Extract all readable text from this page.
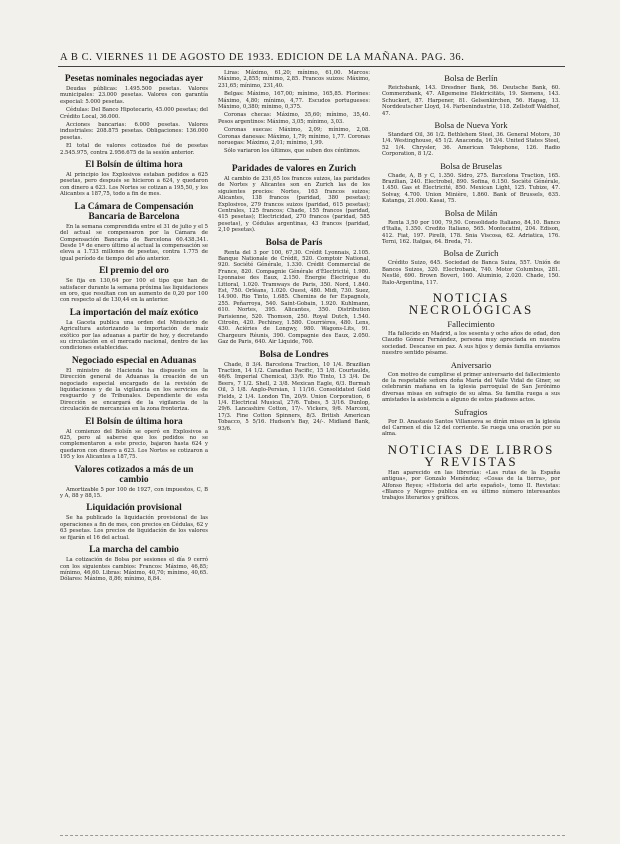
A B C. VIERNES 11 DE AGOSTO DE 1933. EDICION DE LA MAÑANA. PAG. 36.
Pesetas nominales negociadas ayer

Deudas públicas: 1.495.500 pesetas. Valores municipales: 23.000 pesetas. Valores con garantía especial: 5.000 pesetas.

Cédulas: Del Banco Hipotecario, 45.000 pesetas; del Crédito Local, 36.000.

Acciones bancarias: 6.000 pesetas. Valores industriales: 208.875 pesetas. Obligaciones: 136.000 pesetas.

El total de valores cotizados fué de pesetas 2.545.975, contra 2.956.675 de la sesión anterior.

El Bolsín de última hora

Al principio los Explosivos estaban pedidos a 625 pesetas, pero después se hicieron a 624, y quedaron con dinero a 623. Los Nortes se cotizan a 195,50, y los Alicantes a 187,75, todo a fin de mes.

La Cámara de Compensación Bancaria de Barcelona

En la semana comprendida entre el 31 de julio y el 5 del actual se compensaron por la Cámara de Compensación Bancaria de Barcelona 60.438.341. Desde 1º de enero último al actual la compensación se eleva a 1.733 millones de pesetas, contra 1.775 de igual período de tiempo del año anterior.

El premio del oro

Se fija en 130,64 por 100 el tipo que han de satisfacer durante la semana próxima las liquidaciones en oro, que resultan con un aumento de 0,20 por 100 con respecto al de 130,44 en la anterior.

La importación del maíz exótico

La Gaceta publica una orden del Ministerio de Agricultura autorizando la importación de maíz exótico por las aduanas a partir de hoy, y decretando su circulación en el mercado nacional, dentro de las condiciones establecidas.

Negociado especial en Aduanas

El ministro de Hacienda ha dispuesto en la Dirección general de Aduanas la creación de un negociado especial encargado de la revisión de liquidaciones y de la vigilancia en los servicios de resguardo y de Tribunales. Dependiente de esta Dirección se encargará de la vigilancia de la circulación de mercancías en la zona fronteriza.

El Bolsín de última hora

Al comienzo del Bolsín se operó en Explosivos a 625, pero al saberse que los pedidos no se complementaron a este precio, bajaron hasta 624 y quedaron con dinero a 623. Los Nortes se cotizaron a 195 y los Alicantes a 187,75.

Valores cotizados a más de un cambio

Amortizable 5 por 100 de 1927, con impuestos, C, B y A, 88 y 88,15.

Liquidación provisional

Se ha publicado la liquidación provisional de las operaciones a fin de mes, con precios en Cédulas, 62 y 63 pesetas. Los precios de liquidación de los valores se fijarán el 16 del actual.

La marcha del cambio

La cotización de Bolsa por sesiones el día 9 cerró con los siguientes cambios: Francos: Máximo, 46,85; mínimo, 46,60. Libras: Máximo, 40,70; mínimo, 40,65. Dólares: Máximo, 8,86; mínimo, 8,84.

Liras: Máximo, 61,20; mínimo, 61,00. Marcos: Máximo, 2,855; mínimo, 2,85. Francos suizos: Máximo, 231,65; mínimo, 231,40.

Belgas: Máximo, 167,00; mínimo, 165,85. Florines: Máximo, 4,80; mínimo, 4,77. Escudos portugueses: Máximo, 0,380; mínimo, 0,375.

Coronas checas: Máximo, 35,60; mínimo, 35,40. Pesos argentinos: Máximo, 3,05; mínimo, 3,03.

Coronas suecas: Máximo, 2,09; mínimo, 2,08. Coronas danesas: Máximo, 1,79; mínimo, 1,77. Coronas noruegas: Máximo, 2,01; mínimo, 1,99.

Sólo variaron los últimos, que suben dos céntimos.

Paridades de valores en Zurich

Al cambio de 231,65 los francos suizos, las paridades de Nortes y Alicantes son en Zurich las de los siguientes precios: Nortes, 163 francos suizos; Alicantes, 138 francos (paridad, 380 pesetas); Explosivos, 279 francos suizos (paridad, 615 pesetas); Centrales, 125 francos; Chade, 155 francos (paridad, 415 pesetas); Electricidad, 270 francos (paridad, 585 pesetas), y Cédulas argentinas, 43 francos (paridad, 2,10 pesetas).

Bolsa de París

Renta del 3 por 100, 67,30. Crédit Lyonnais, 2.105. Banque Nationale de Crédit, 520. Comptoir National, 920. Société Générale, 1.330. Crédit Commercial de France, 820. Compagnie Générale d'Électricité, 1.980. Lyonnaise des Eaux, 2.150. Énergie Électrique du Littoral, 1.020. Tramways de Paris, 350. Nord, 1.840. Est, 750. Orléans, 1.020. Ouest, 480. Midi, 730. Suez, 14.900. Rio Tinto, 1.685. Chemins de fer Espagnols, 255. Peñarroya, 540. Saint-Gobain, 1.920. Kuhlmann, 610. Nortes, 395. Alicantes, 350. Distribution Parisienne, 520. Thomson, 250. Royal Dutch, 1.540. Citroën, 420. Pechiney, 1.580. Courrières, 480. Lens, 430. Aciéries de Longwy, 980. Wagons-Lits, 91. Chargeurs Réunis, 390. Compagnie des Eaux, 2.050. Gaz de Paris, 640. Air Liquide, 760.

Bolsa de Londres

Chade, 8 3/4. Barcelona Traction, 10 1/4. Brazilian Traction, 14 1/2. Canadian Pacific, 15 1/8. Courtaulds, 46/6. Imperial Chemical, 33/9. Rio Tinto, 13 3/4. De Beers, 7 1/2. Shell, 2 3/8. Mexican Eagle, 6/3. Burmah Oil, 3 1/8. Anglo-Persian, 1 11/16. Consolidated Gold Fields, 2 1/4. London Tin, 20/9. Union Corporation, 6 1/4. Electrical Musical, 27/6. Tubes, 5 3/16. Dunlop, 29/6. Lancashire Cotton, 17/-. Vickers, 9/6. Marconi, 17/3. Fine Cotton Spinners, 8/3. British American Tobacco, 5 5/16. Hudson's Bay, 24/-. Midland Bank, 93/6.

Bolsa de Berlín

Reichsbank, 143. Dresdner Bank, 56. Deutsche Bank, 60. Commerzbank, 47. Allgemeine Elektricitäts, 19. Siemens, 143. Schuckert, 87. Harpener, 81. Gelsenkirchen, 56. Hapag, 13. Norddeutscher Lloyd, 14. Farbenindustrie, 118. Zellstoff Waldhof, 47.

Bolsa de Nueva York

Standard Oil, 36 1/2. Bethlehem Steel, 36. General Motors, 30 1/4. Westinghouse, 45 1/2. Anaconda, 16 3/4. United States Steel, 52 1/4. Chrysler, 36. American Telephone, 126. Radio Corporation, 8 1/2.

Bolsa de Bruselas

Chade, A, B y C, 1.350. Sidro, 275. Barcelona Traction, 165. Brazilian, 240. Electrobel, 890. Sofina, 6.150. Société Générale, 1.450. Gas et Électricité, 850. Mexican Light, 125. Tubize, 47. Solvay, 4.700. Union Minière, 1.860. Bank of Brussels, 635. Katanga, 21.000. Kasai, 75.

Bolsa de Milán

Renta 3,50 por 100, 79,50. Consolidado Italiano, 84,10. Banco d'Italia, 1.350. Credito Italiano, 565. Montecatini, 204. Edison, 412. Fiat, 197. Pirelli, 178. Snia Viscosa, 62. Adriatica, 176. Terni, 162. Italgas, 64. Breda, 71.

Bolsa de Zurich

Crédito Suizo, 645. Sociedad de Banca Suiza, 557. Unión de Bancos Suizos, 320. Electrobank, 740. Motor Columbus, 281. Nestlé, 690. Brown Boveri, 160. Aluminio, 2.020. Chade, 150. Italo-Argentina, 117.

NOTICIAS NECROLÓGICAS
Fallecimiento

Ha fallecido en Madrid, a los sesenta y ocho años de edad, don Claudio Gómez Fernández, persona muy apreciada en nuestra sociedad. Descanse en paz. A sus hijos y demás familia enviamos nuestro sentido pésame.

Aniversario

Con motivo de cumplirse el primer aniversario del fallecimiento de la respetable señora doña María del Valle Vidal de Giner, se celebrarán mañana en la iglesia parroquial de San Jerónimo diversas misas en sufragio de su alma. Su familia ruega a sus amistades la asistencia a alguno de estos piadosos actos.

Sufragios

Por D. Anastasio Santos Villanueva se dirán misas en la iglesia del Carmen el día 12 del corriente. Se ruega una oración por su alma.

NOTICIAS DE LIBROS Y REVISTAS

Han aparecido en las librerías: «Las rutas de la España antigua», por Gonzalo Menéndez; «Cosas de la tierra», por Alfonso Reyes; «Historia del arte español», tomo II. Revistas: «Blanco y Negro» publica en su último número interesantes trabajos literarios y gráficos.
